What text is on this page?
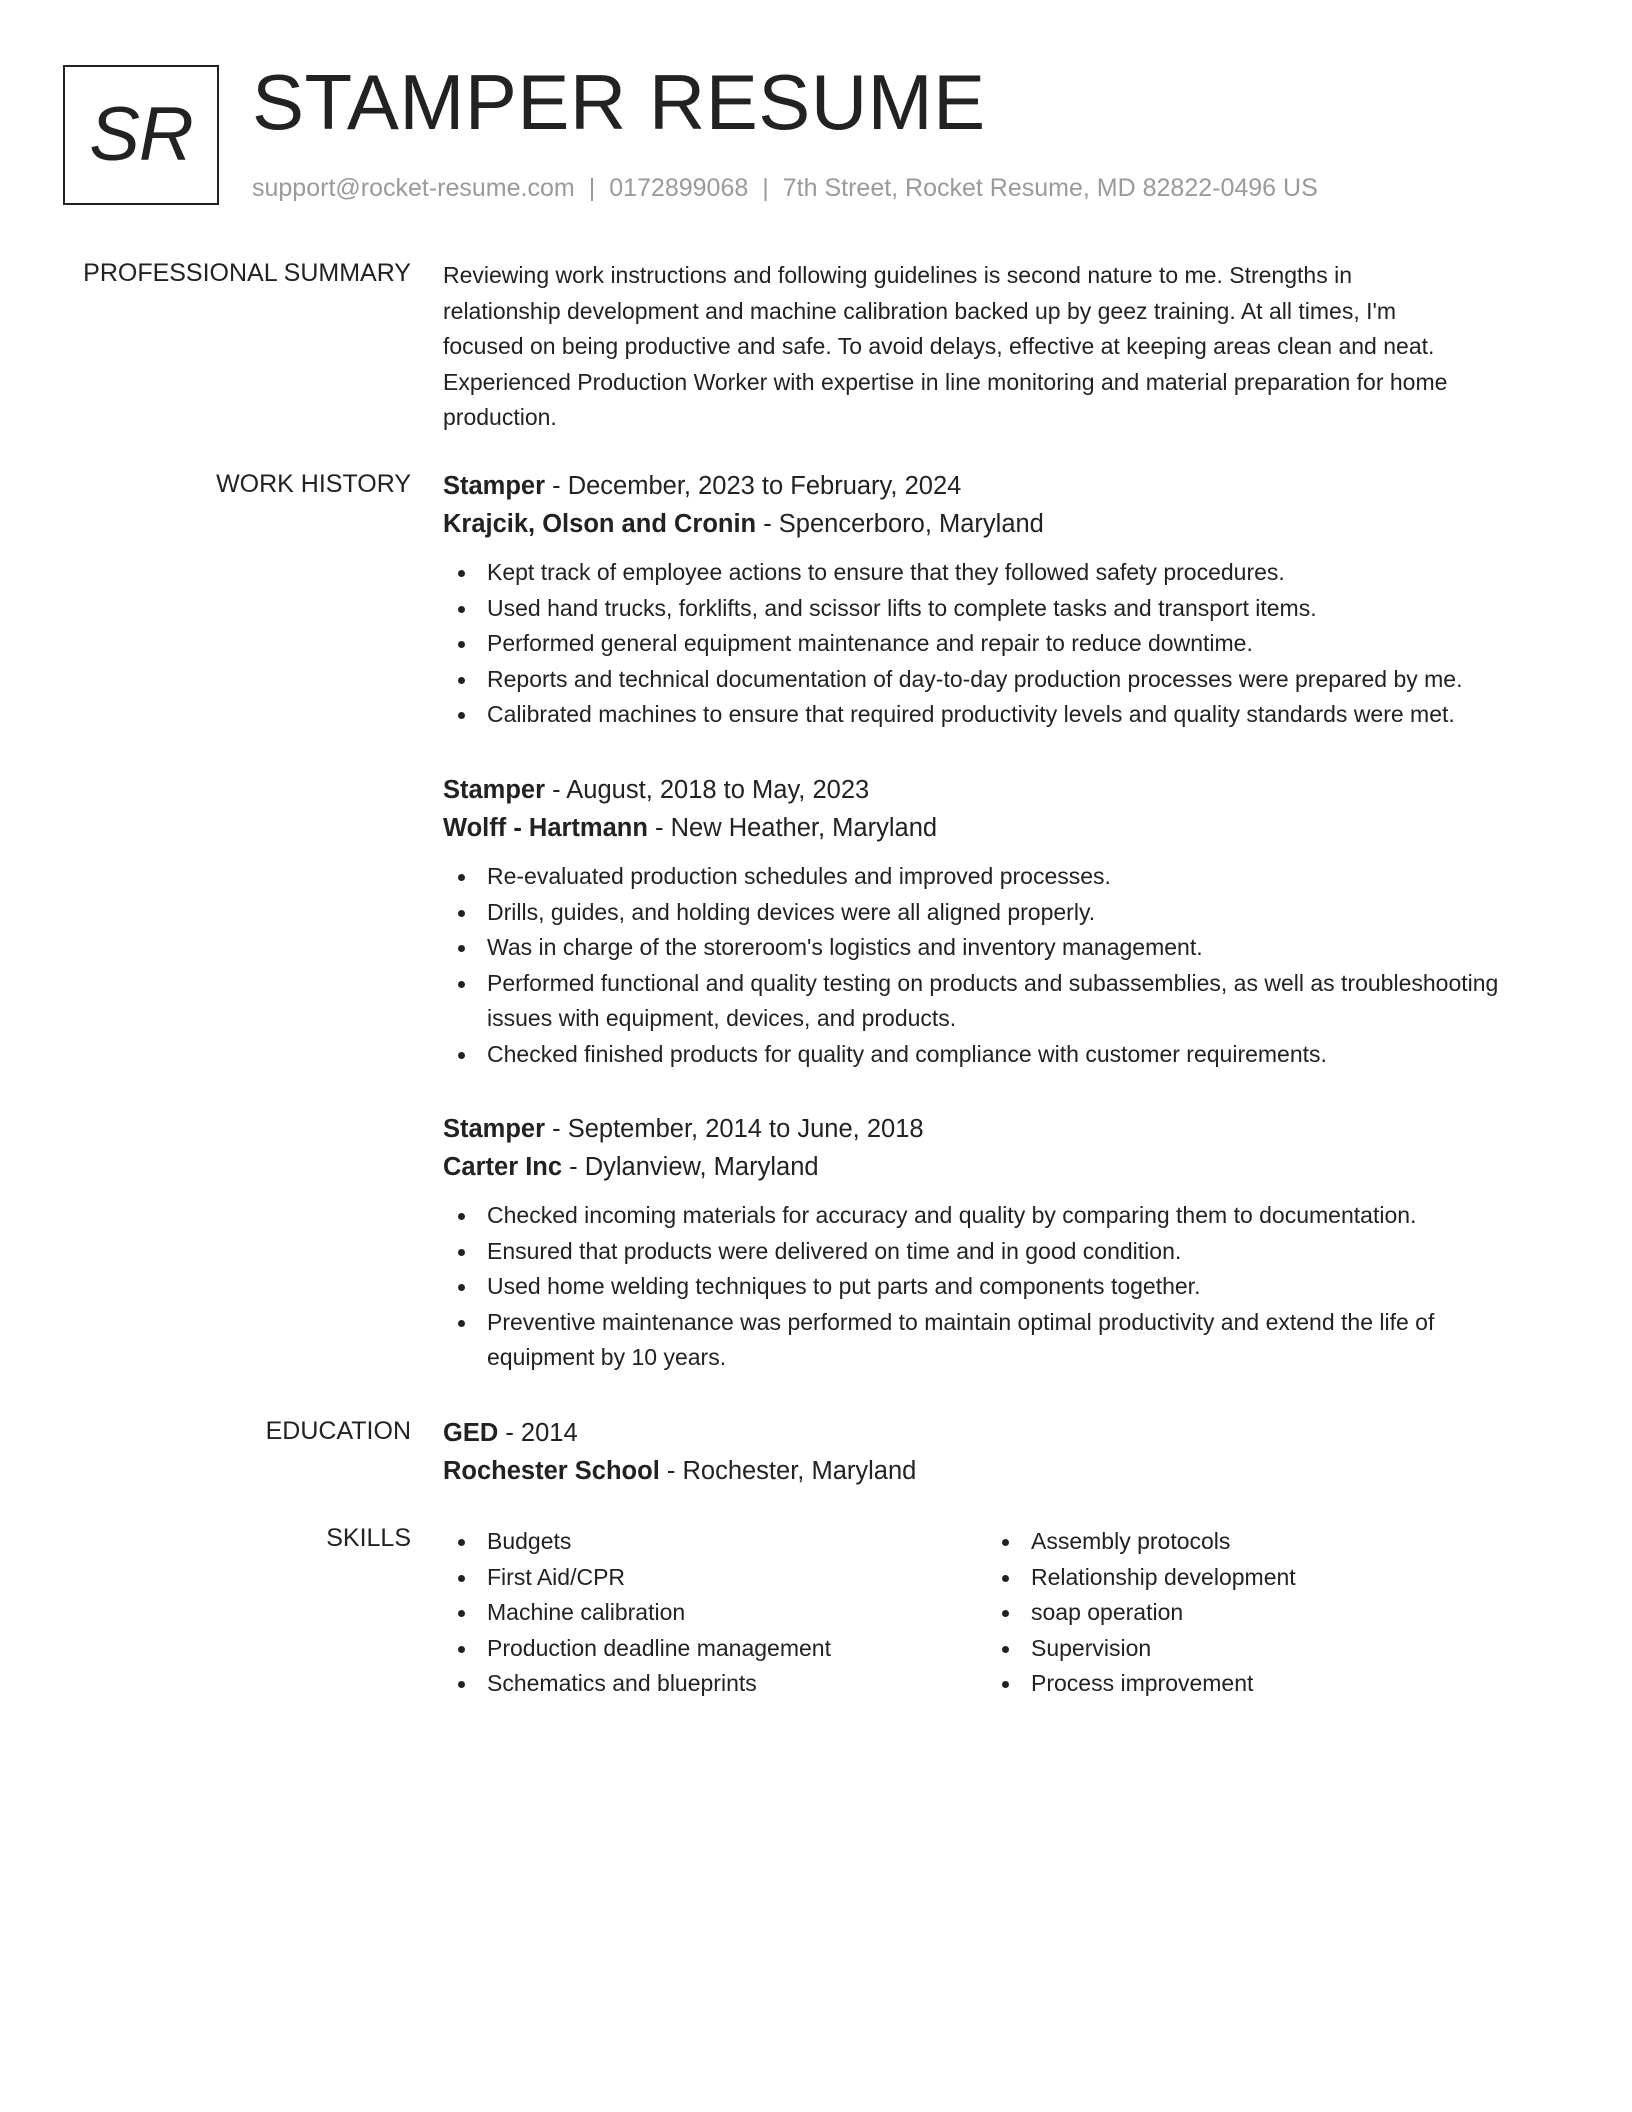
SR STAMPER RESUME
support@rocket-resume.com | 0172899068 | 7th Street, Rocket Resume, MD 82822-0496 US
PROFESSIONAL SUMMARY Reviewing work instructions and following guidelines is second nature to me. Strengths in
relationship development and machine calibration backed up by geez training. At all times, I'm
focused on being productive and safe. To avoid delays, effective at keeping areas clean and neat.
Experienced Production Worker with expertise in line monitoring and material preparation for home
production.
WORK HISTORY Stamper - December, 2023 to February, 2024
Krajcik, Olson and Cronin - Spencerboro, Maryland
Kept track of employee actions to ensure that they followed safety procedures.
Used hand trucks, forklifts, and scissor lifts to complete tasks and transport items.
Performed general equipment maintenance and repair to reduce downtime.
Reports and technical documentation of day-to-day production processes were prepared by me.
Calibrated machines to ensure that required productivity levels and quality standards were met.
Stamper - August, 2018 to May, 2023
Wolff - Hartmann - New Heather, Maryland
Re-evaluated production schedules and improved processes.
Drills, guides, and holding devices were all aligned properly.
Was in charge of the storeroom's logistics and inventory management.
Performed functional and quality testing on products and subassemblies, as well as troubleshooting issues with equipment, devices, and products.
Checked finished products for quality and compliance with customer requirements.
Stamper - September, 2014 to June, 2018
Carter Inc - Dylanview, Maryland
Checked incoming materials for accuracy and quality by comparing them to documentation.
Ensured that products were delivered on time and in good condition.
Used home welding techniques to put parts and components together.
Preventive maintenance was performed to maintain optimal productivity and extend the life of equipment by 10 years.
EDUCATION GED - 2014
Rochester School - Rochester, Maryland
SKILLS	Budgets
First Aid/CPR
Machine calibration
Production deadline management
Schematics and blueprints
Assembly protocols
Relationship development
soap operation
Supervision
Process improvement
